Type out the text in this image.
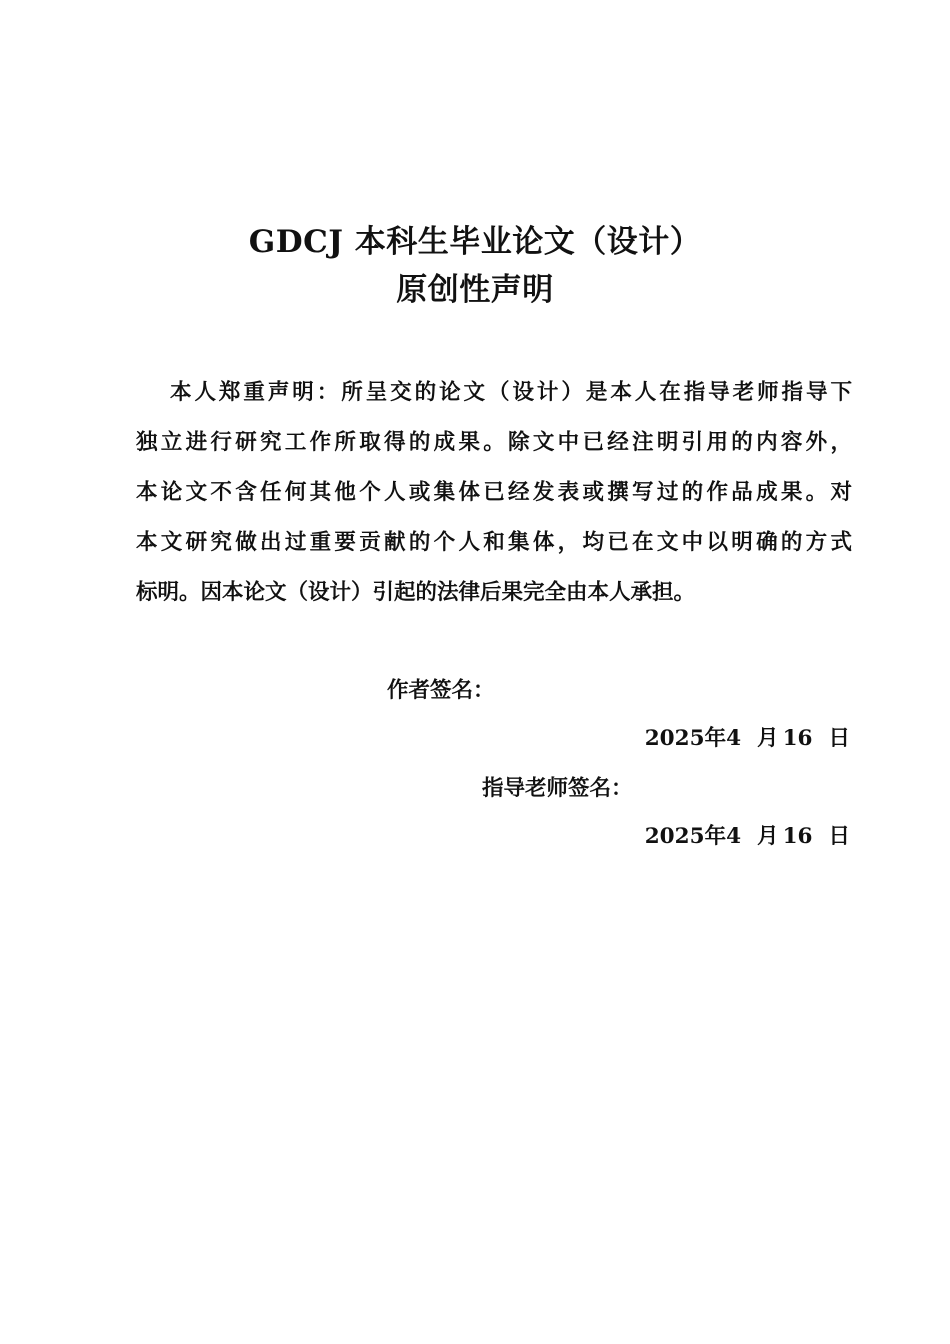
GDCJ 本科生毕业论文（设计）
原创性声明
本人郑重声明：所呈交的论文（设计）是本人在指导老师指导下
独立进行研究工作所取得的成果。除文中已经注明引用的内容外，
本论文不含任何其他个人或集体已经发表或撰写过的作品成果。对
本文研究做出过重要贡献的个人和集体，均已在文中以明确的方式
标明。因本论文（设计）引起的法律后果完全由本人承担。
作者签名：
2025年4 月 16 日
指导老师签名：
2025年4 月 16 日
